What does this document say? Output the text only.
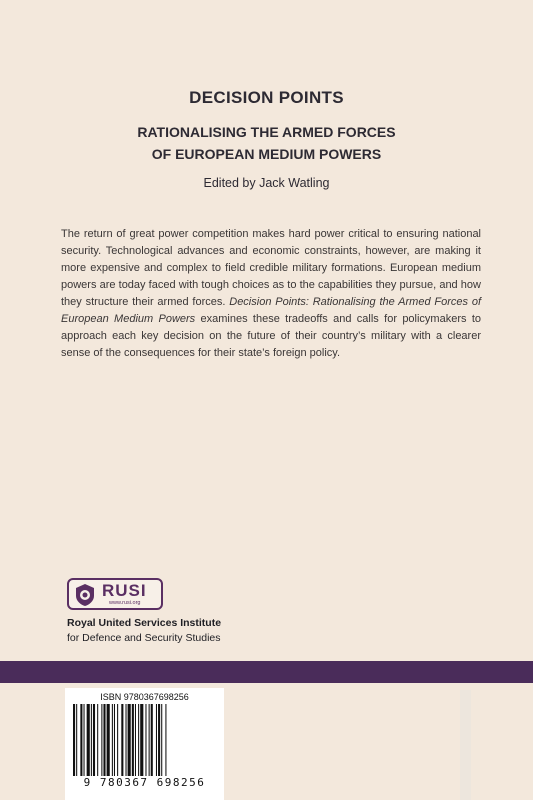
DECISION POINTS
RATIONALISING THE ARMED FORCES
OF EUROPEAN MEDIUM POWERS
Edited by Jack Watling

The return of great power competition makes hard power critical to ensuring national security. Technological advances and economic constraints, however, are making it more expensive and complex to field credible military formations. European medium powers are today faced with tough choices as to the capabilities they pursue, and how they structure their armed forces. Decision Points: Rationalising the Armed Forces of European Medium Powers examines these tradeoffs and calls for policymakers to approach each key decision on the future of their country’s military with a clearer sense of the consequences for their state’s foreign policy.

RUSI
www.rusi.org
Royal United Services Institute
for Defence and Security Studies
ISBN 9780367698256
9 780367 698256
